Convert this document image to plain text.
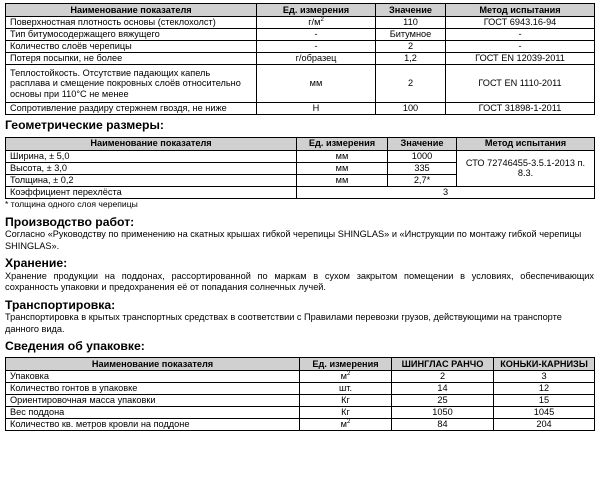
Наименование показателя	Ед. измерения	Значение	Метод испытания
Поверхностная плотность основы (стеклохолст)	$г/м^2$	110	ГОСТ 6943.16-94
Тип битумосодержащего вяжущего	-	Битумное	-
Количество слоёв черепицы	-	2	-
Потеря посыпки, не более	г/образец	1,2	ГОСТ EN 12039-2011
Теплостойкость. Отсутствие падающих капель расплава и смещение покровных слоёв относительно основы при 110°С не менее	мм	2	ГОСТ EN 1110-2011
Сопротивление раздиру стержнем гвоздя, не ниже	Н	100	ГОСТ 31898-1-2011
Геометрические размеры:
Наименование показателя	Ед. измерения	Значение	Метод испытания
Ширина, ± 5,0	мм	1000	СТО 72746455-3.5.1-2013 п. 8.3.
Высота, ± 3,0	мм	335	
Толщина, ± 0,2	мм	2,7*	
Коэффициент перехлёста	3		
* толщина одного слоя черепицы
Производство работ:

Согласно «Руководству по применению на скатных крышах гибкой черепицы SHINGLAS» и «Инструкции по монтажу гибкой черепицы SHINGLAS».

Хранение:

Хранение продукции на поддонах, рассортированной по маркам в сухом закрытом помещении в условиях, обеспечивающих сохранность упаковки и предохранения её от попадания солнечных лучей.

Транспортировка:

Транспортировка в крытых транспортных средствах в соответствии с Правилами перевозки грузов, действующими на транспорте данного вида.

Сведения об упаковке:
Наименование показателя	Ед. измерения	ШИНГЛАС РАНЧО	КОНЬКИ-КАРНИЗЫ
Упаковка	$м^2$	2	3
Количество гонтов в упаковке	шт.	14	12
Ориентировочная масса упаковки	Кг	25	15
Вес поддона	Кг	1050	1045
Количество кв. метров кровли на поддоне	$м^2$	84	204
